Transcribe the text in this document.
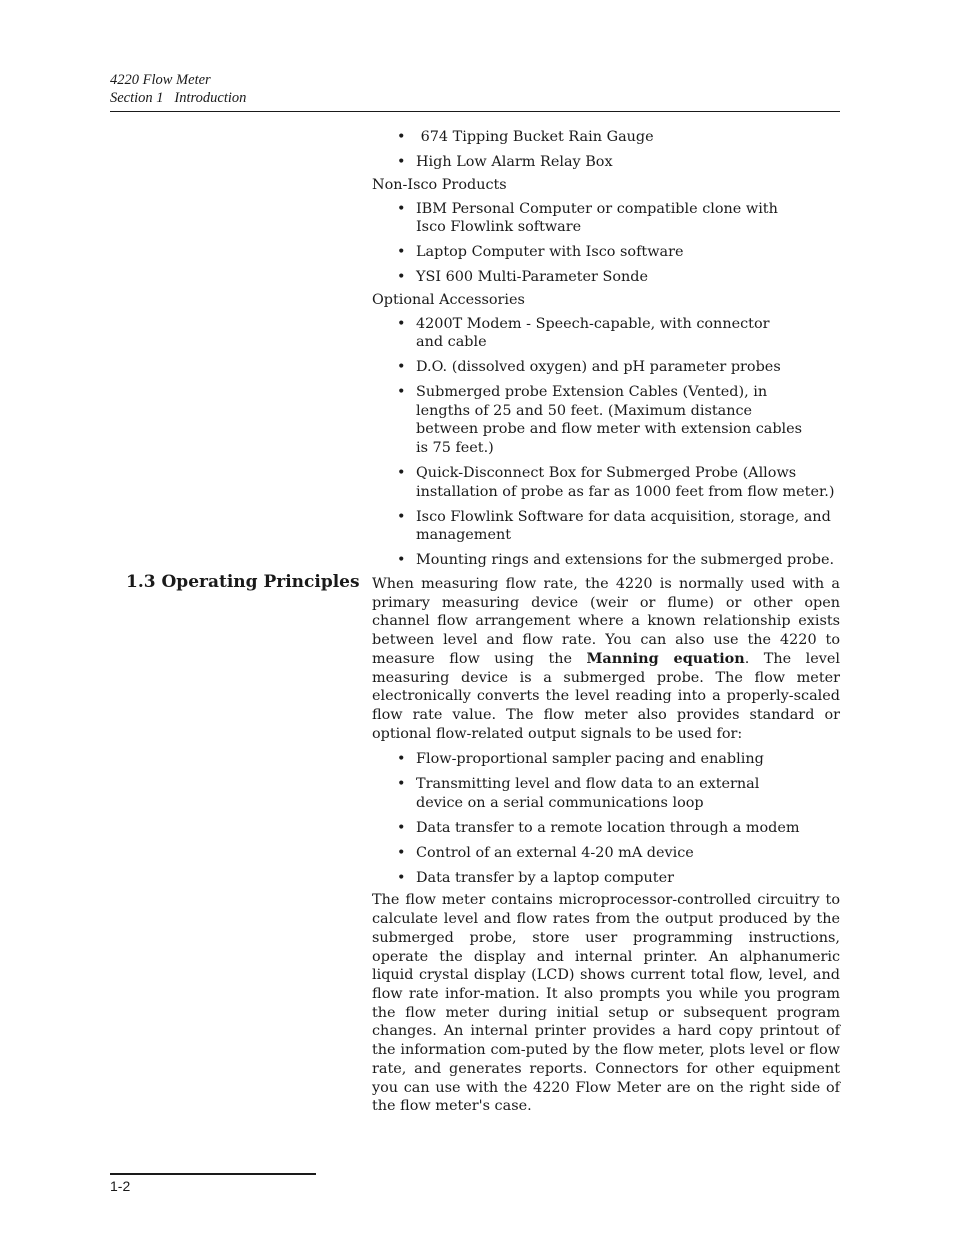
4220 Flow Meter
Section 1   Introduction
•  674 Tipping Bucket Rain Gauge
• High Low Alarm Relay Box
Non-Isco Products
• IBM Personal Computer or compatible clone with Isco Flowlink software
• Laptop Computer with Isco software
• YSI 600 Multi-Parameter Sonde
Optional Accessories
• 4200T Modem - Speech-capable, with connector and cable
• D.O. (dissolved oxygen) and pH parameter probes
• Submerged probe Extension Cables (Vented), in lengths of 25 and 50 feet. (Maximum distance between probe and flow meter with extension cables is 75 feet.)
• Quick-Disconnect Box for Submerged Probe (Allows installation of probe as far as 1000 feet from flow meter.)
• Isco Flowlink Software for data acquisition, storage, and management
• Mounting rings and extensions for the submerged probe.
1.3 Operating Principles When measuring flow rate, the 4220 is normally used with a primary measuring device (weir or flume) or other open channel flow arrangement where a known relationship exists between level and flow rate. You can also use the 4220 to measure flow using the Manning equation. The level measuring device is a submerged probe. The flow meter electronically converts the level reading into a properly-scaled flow rate value. The flow meter also provides standard or optional flow-related output signals to be used for:

• Flow-proportional sampler pacing and enabling
• Transmitting level and flow data to an external device on a serial communications loop
• Data transfer to a remote location through a modem
• Control of an external 4-20 mA device
• Data transfer by a laptop computer

The flow meter contains microprocessor-controlled circuitry to calculate level and flow rates from the output produced by the submerged probe, store user programming instructions, operate the display and internal printer. An alphanumeric liquid crystal display (LCD) shows current total flow, level, and flow rate infor-mation. It also prompts you while you program the flow meter during initial setup or subsequent program changes. An internal printer provides a hard copy printout of the information com-puted by the flow meter, plots level or flow rate, and generates reports. Connectors for other equipment you can use with the 4220 Flow Meter are on the right side of the flow meter's case.

1-2
